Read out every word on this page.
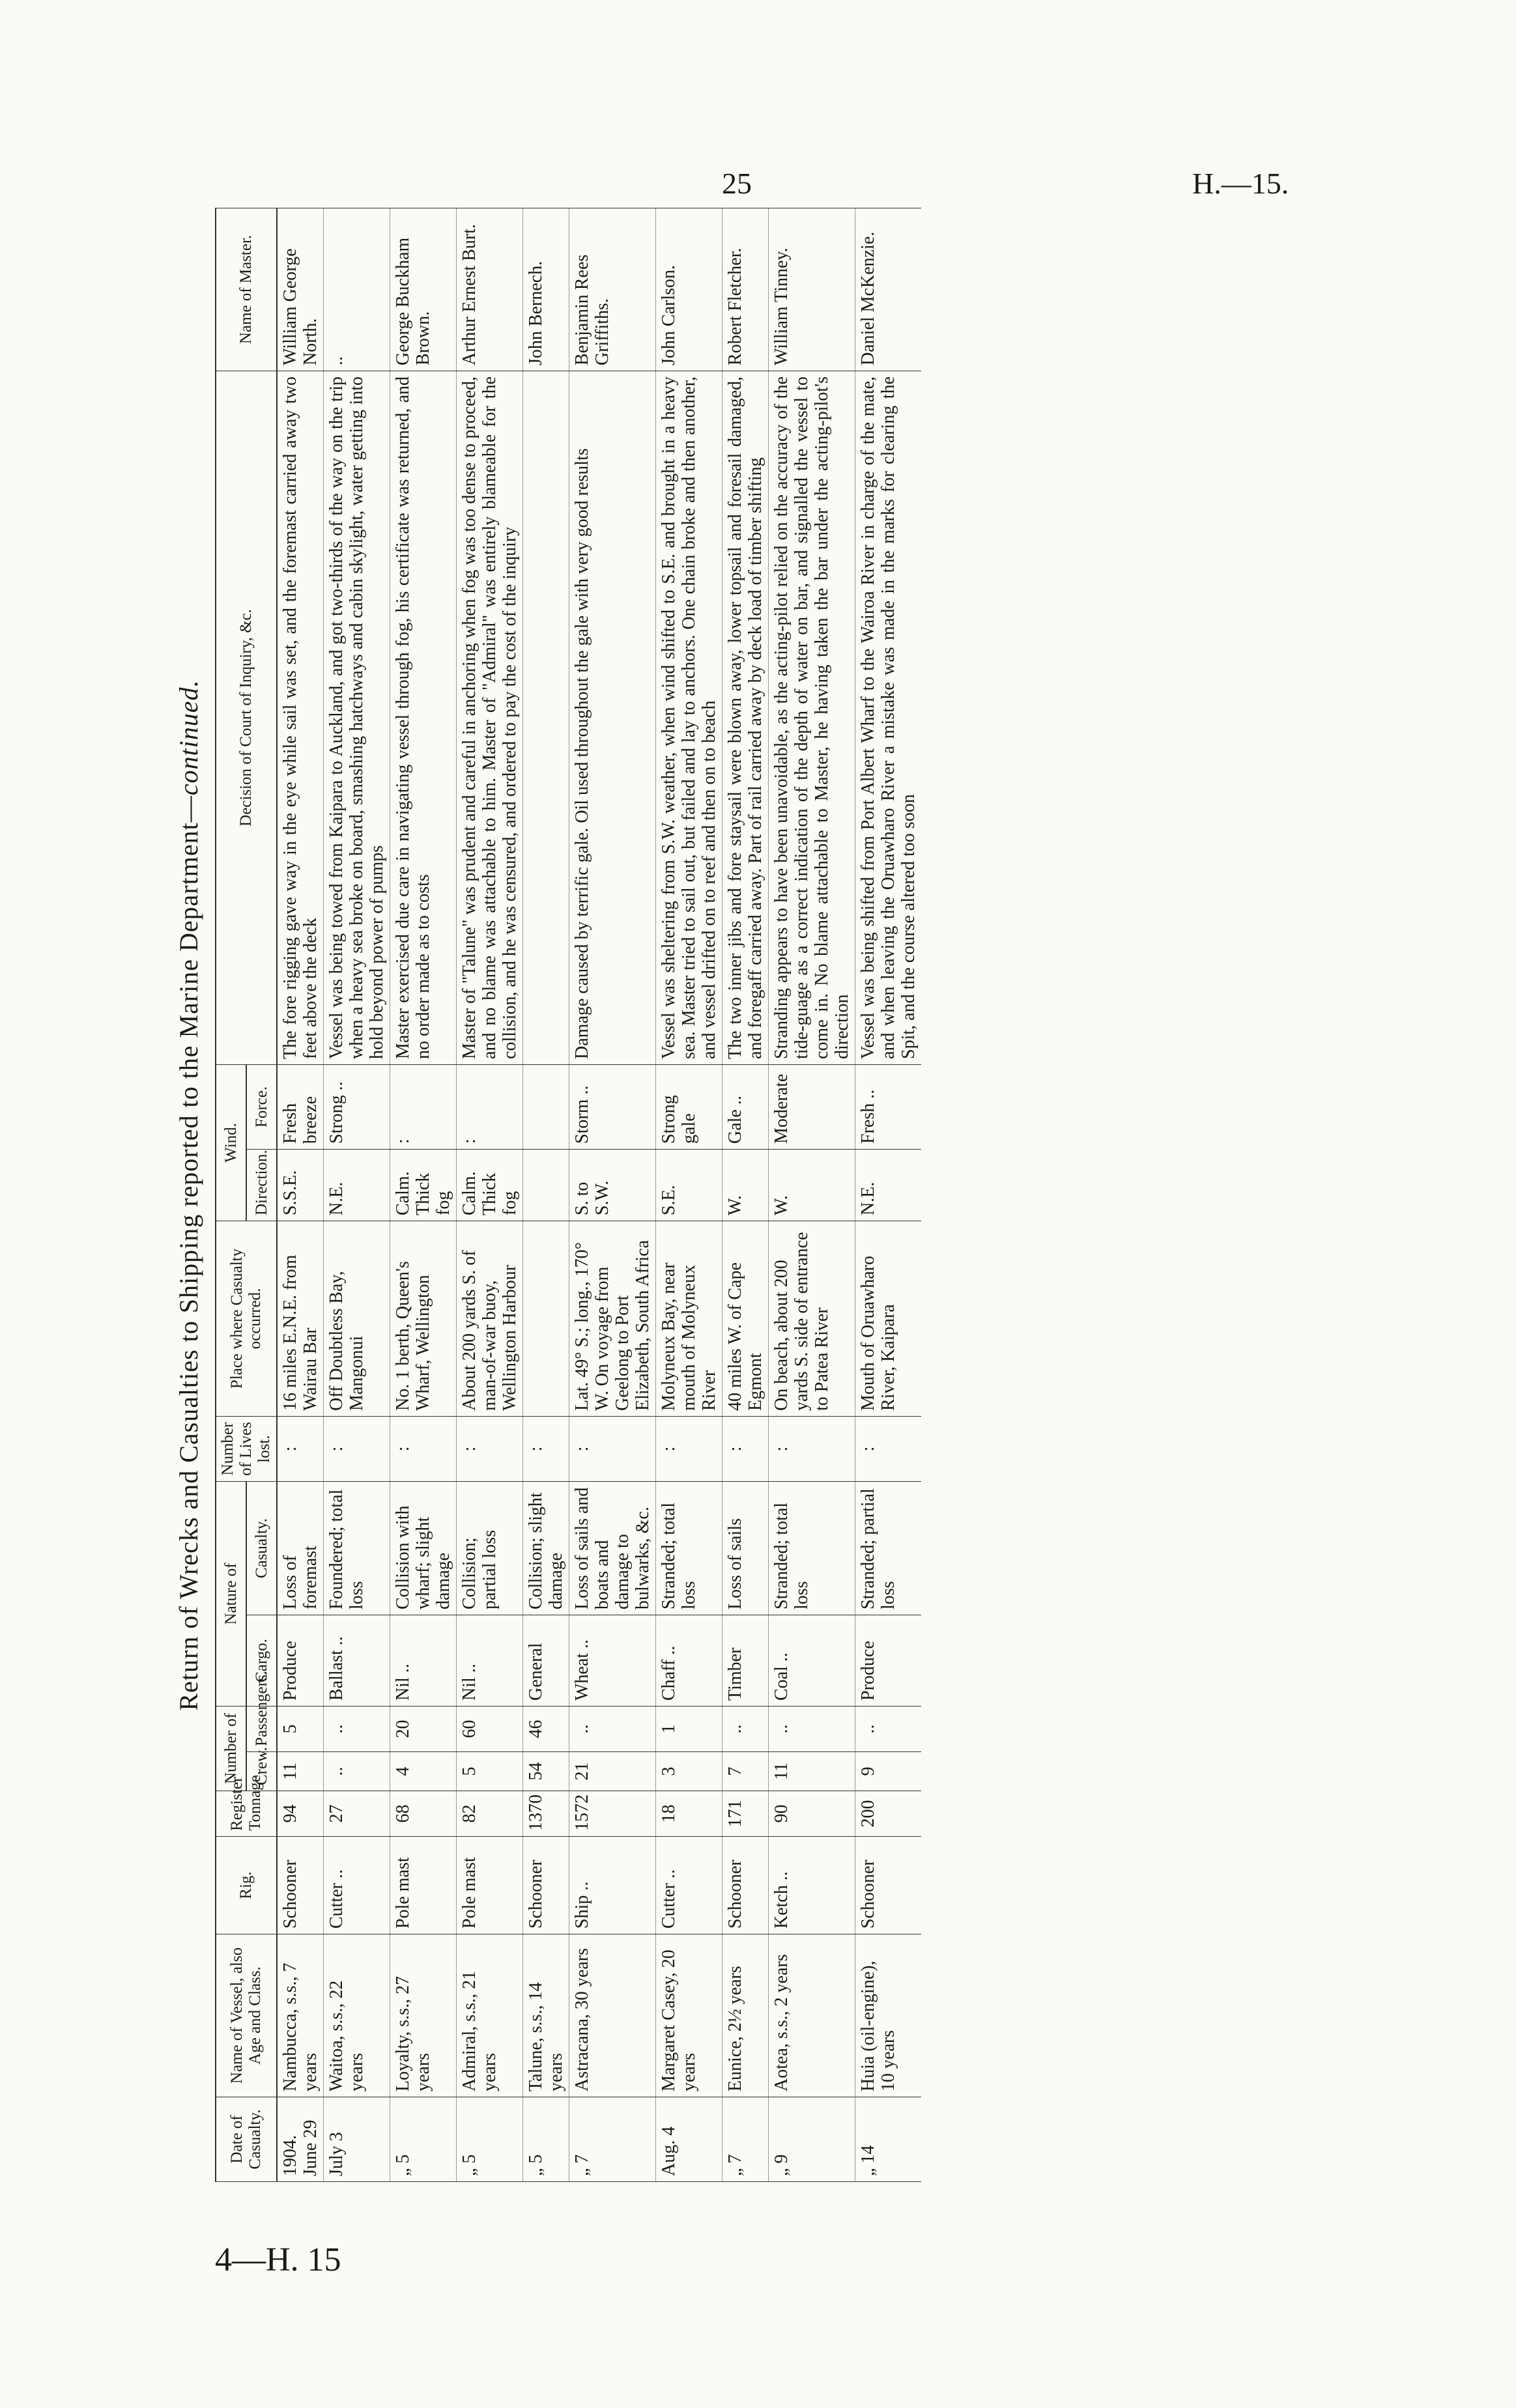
25	H.—15.
4—H. 15
Return of Wrecks and Casualties to Shipping reported to the Marine Department—continued.
Date of Casualty.	Name of Vessel, also Age and Class.	Rig.	Register Tonnage.	Number of		Nature of		Number of Lives lost.	Place where Casualty occurred.	Wind.		Decision of Court of Inquiry, &c.	Name of Master.
				Crew.	Passengers.	Cargo.	Casualty.			Direction.	Force.		
1904. June 29	Nambucca, s.s., 7 years	Schooner	94	11	5	Produce	Loss of foremast	:	16 miles E.N.E. from Wairau Bar	S.S.E.	Fresh breeze	The fore rigging gave way in the eye while sail was set, and the foremast carried away two feet above the deck	William George North.
July 3	Waitoa, s.s., 22 years	Cutter ..	27	..	..	Ballast ..	Foundered; total loss	:	Off Doubtless Bay, Mangonui	N.E.	Strong ..	Vessel was being towed from Kaipara to Auckland, and got two-thirds of the way on the trip when a heavy sea broke on board, smashing hatchways and cabin skylight, water getting into hold beyond power of pumps	..
„ 5	Loyalty, s.s., 27 years	Pole mast	68	4	20	Nil ..	Collision with wharf; slight damage	:	No. 1 berth, Queen's Wharf, Wellington	Calm. Thick fog	:	Master exercised due care in navigating vessel through fog, his certificate was returned, and no order made as to costs	George Buckham Brown.
„ 5	Admiral, s.s., 21 years	Pole mast	82	5	60	Nil ..	Collision; partial loss	:	About 200 yards S. of man-of-war buoy, Wellington Harbour	Calm. Thick fog	:	Master of "Talune" was prudent and careful in anchoring when fog was too dense to proceed, and no blame was attachable to him. Master of "Admiral" was entirely blameable for the collision, and he was censured, and ordered to pay the cost of the inquiry	Arthur Ernest Burt.
„ 5	Talune, s.s., 14 years	Schooner	1370	54	46	General	Collision; slight damage	:					John Bernech.
„ 7	Astracana, 30 years	Ship ..	1572	21	..	Wheat ..	Loss of sails and boats and damage to bulwarks, &c.	:	Lat. 49° S.; long., 170° W. On voyage from Geelong to Port Elizabeth, South Africa	S. to S.W.	Storm ..	Damage caused by terrific gale. Oil used throughout the gale with very good results	Benjamin Rees Griffiths.
Aug. 4	Margaret Casey, 20 years	Cutter ..	18	3	1	Chaff ..	Stranded; total loss	:	Molyneux Bay, near mouth of Molyneux River	S.E.	Strong gale	Vessel was sheltering from S.W. weather, when wind shifted to S.E. and brought in a heavy sea. Master tried to sail out, but failed and lay to anchors. One chain broke and then another, and vessel drifted on to reef and then on to beach	John Carlson.
„ 7	Eunice, 2½ years	Schooner	171	7	..	Timber	Loss of sails	:	40 miles W. of Cape Egmont	W.	Gale ..	The two inner jibs and fore staysail were blown away, lower topsail and foresail damaged, and foregaff carried away. Part of rail carried away by deck load of timber shifting	Robert Fletcher.
„ 9	Aotea, s.s., 2 years	Ketch ..	90	11	..	Coal ..	Stranded; total loss	:	On beach, about 200 yards S. side of entrance to Patea River	W.	Moderate	Stranding appears to have been unavoidable, as the acting-pilot relied on the accuracy of the tide-guage as a correct indication of the depth of water on bar, and signalled the vessel to come in. No blame attachable to Master, he having taken the bar under the acting-pilot's direction	William Tinney.
„ 14	Huia (oil-engine), 10 years	Schooner	200	9	..	Produce	Stranded; partial loss	:	Mouth of Oruawharo River, Kaipara	N.E.	Fresh ..	Vessel was being shifted from Port Albert Wharf to the Wairoa River in charge of the mate, and when leaving the Oruawharo River a mistake was made in the marks for clearing the Spit, and the course altered too soon	Daniel McKenzie.
